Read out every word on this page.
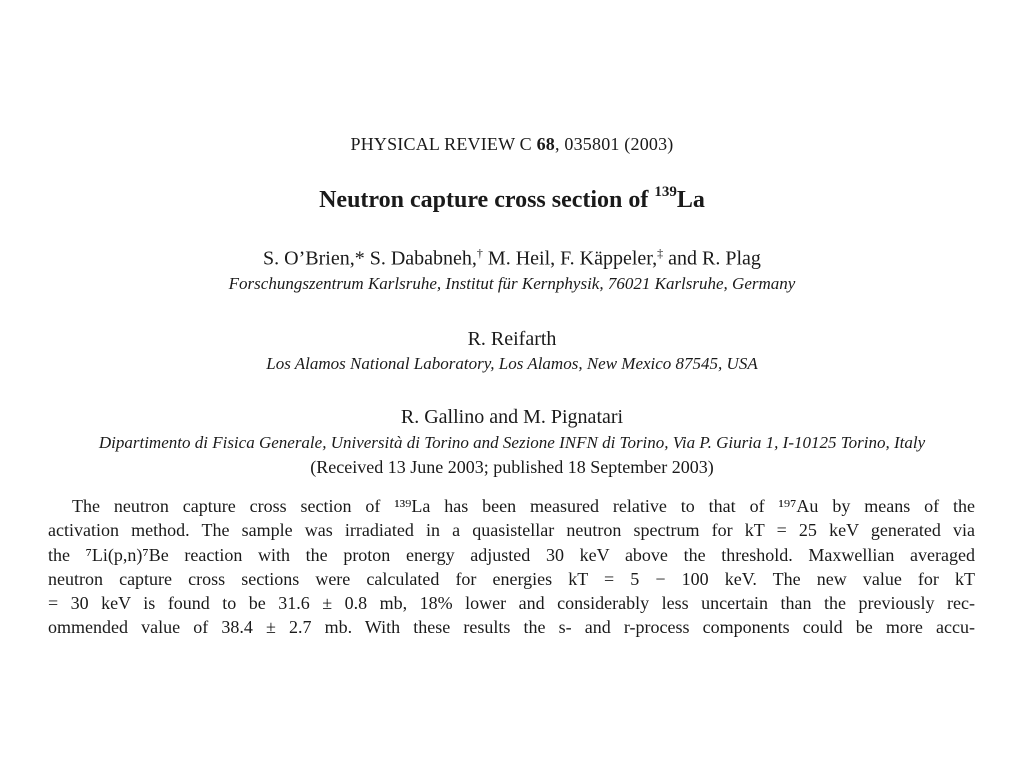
PHYSICAL REVIEW C 68, 035801 (2003)
Neutron capture cross section of $^{139}$La
S. O’Brien,* S. Dababneh,† M. Heil, F. Käppeler,‡ and R. Plag
Forschungszentrum Karlsruhe, Institut für Kernphysik, 76021 Karlsruhe, Germany
R. Reifarth
Los Alamos National Laboratory, Los Alamos, New Mexico 87545, USA
R. Gallino and M. Pignatari
Dipartimento di Fisica Generale, Università di Torino and Sezione INFN di Torino, Via P. Giuria 1, I-10125 Torino, Italy
(Received 13 June 2003; published 18 September 2003)
The neutron capture cross section of ¹³⁹La has been measured relative to that of ¹⁹⁷Au by means of the
activation method. The sample was irradiated in a quasistellar neutron spectrum for kT = 25 keV generated via
the ⁷Li(p,n)⁷Be reaction with the proton energy adjusted 30 keV above the threshold. Maxwellian averaged
neutron capture cross sections were calculated for energies kT = 5 − 100 keV. The new value for kT
= 30 keV is found to be 31.6 ± 0.8 mb, 18% lower and considerably less uncertain than the previously rec-
ommended value of 38.4 ± 2.7 mb. With these results the s- and r-process components could be more accu-
